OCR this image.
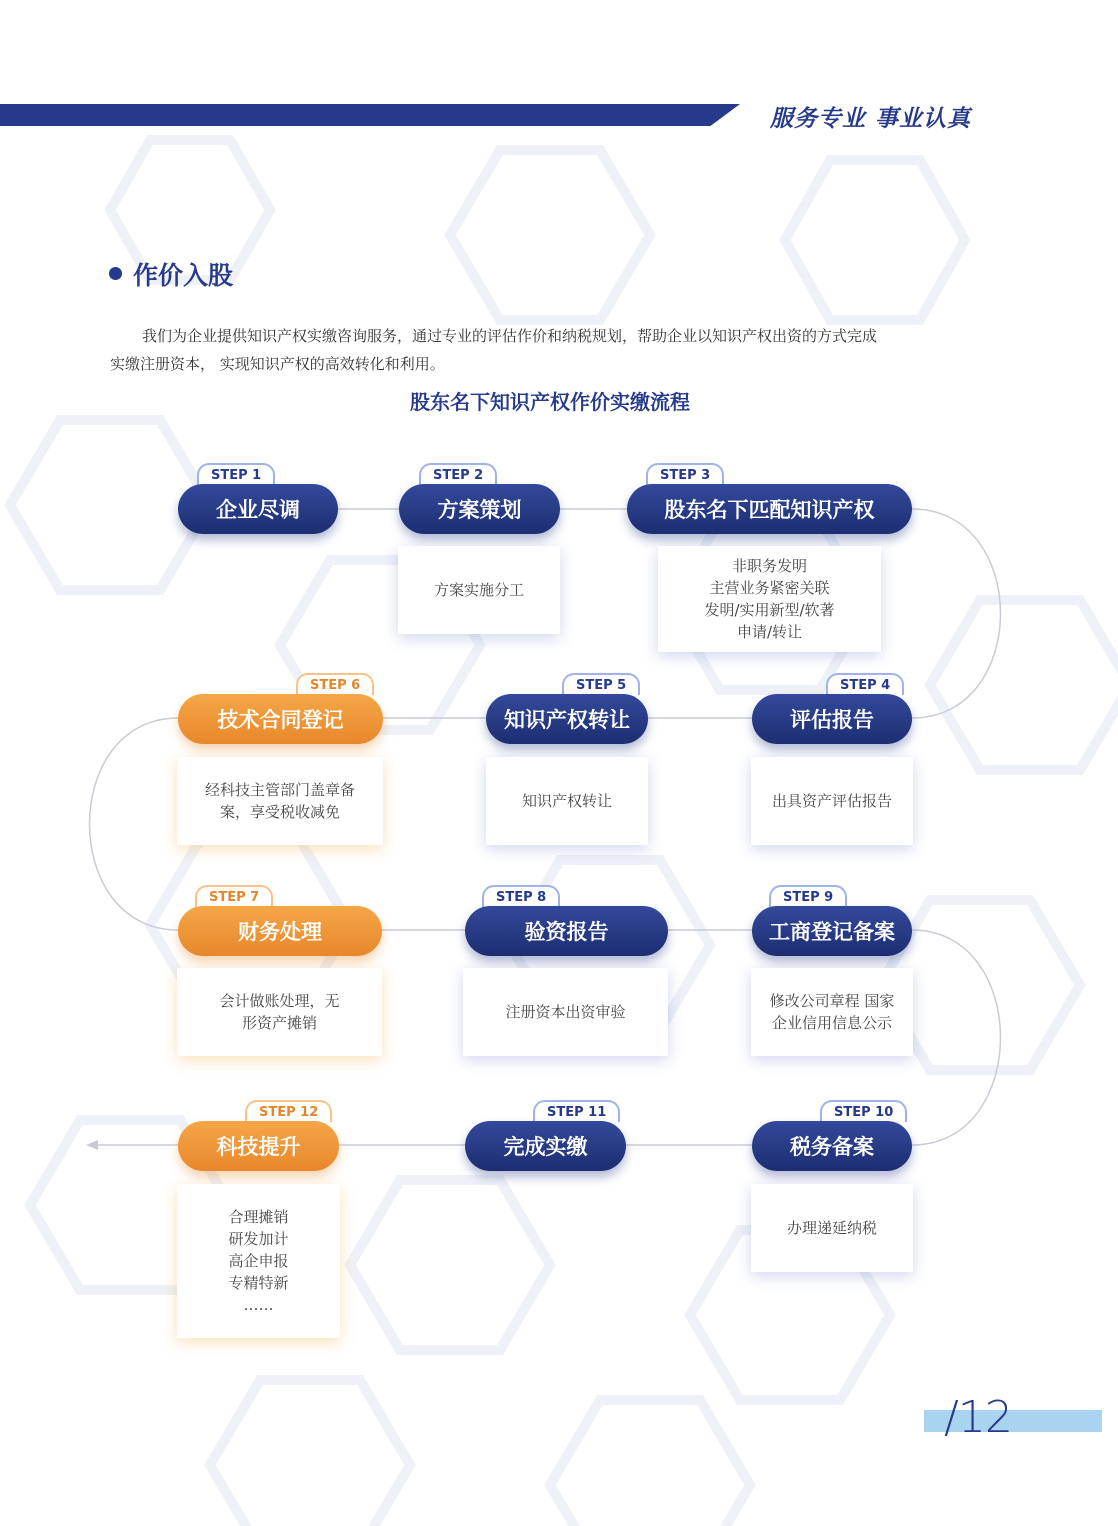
服务专业 事业认真
作价入股
我们为企业提供知识产权实缴咨询服务，通过专业的评估作价和纳税规划，帮助企业以知识产权出资的方式完成
实缴注册资本， 实现知识产权的高效转化和利用。
股东名下知识产权作价实缴流程
STEP 1
企业尽调
STEP 2
方案策划
方案实施分工
STEP 3
股东名下匹配知识产权
非职务发明
主营业务紧密关联
发明/实用新型/软著
申请/转让
STEP 4
评估报告
出具资产评估报告
STEP 5
知识产权转让
知识产权转让
STEP 6
技术合同登记
经科技主管部门盖章备
案，享受税收减免
STEP 7
财务处理
会计做账处理，无
形资产摊销
STEP 8
验资报告
注册资本出资审验
STEP 9
工商登记备案
修改公司章程 国家
企业信用信息公示
STEP 10
税务备案
办理递延纳税
STEP 11
完成实缴
STEP 12
科技提升
合理摊销
研发加计
高企申报
专精特新
……
/12
